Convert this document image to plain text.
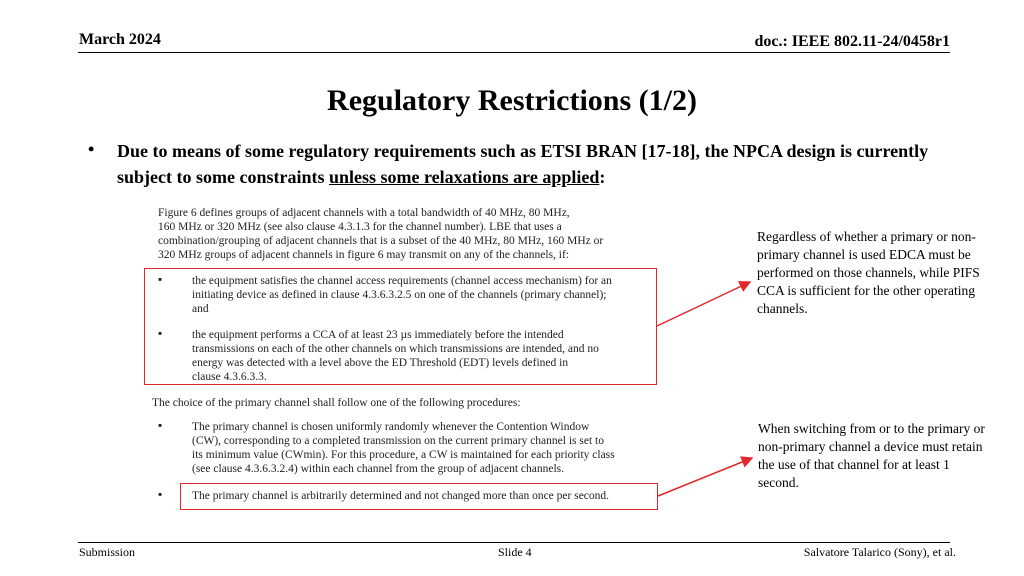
March 2024	doc.: IEEE 802.11-24/0458r1
Regulatory Restrictions (1/2)
• Due to means of some regulatory requirements such as ETSI BRAN [17-18], the NPCA design is currently subject to some constraints unless some relaxations are applied:
Figure 6 defines groups of adjacent channels with a total bandwidth of 40 MHz, 80 MHz,
160 MHz or 320 MHz (see also clause 4.3.1.3 for the channel number). LBE that uses a
combination/grouping of adjacent channels that is a subset of the 40 MHz, 80 MHz, 160 MHz or
320 MHz groups of adjacent channels in figure 6 may transmit on any of the channels, if:
▪	the equipment satisfies the channel access requirements (channel access mechanism) for an
initiating device as defined in clause 4.3.6.3.2.5 on one of the channels (primary channel);
and
▪	the equipment performs a CCA of at least 23 µs immediately before the intended
transmissions on each of the other channels on which transmissions are intended, and no
energy was detected with a level above the ED Threshold (EDT) levels defined in
clause 4.3.6.3.3.
The choice of the primary channel shall follow one of the following procedures:
▪	The primary channel is chosen uniformly randomly whenever the Contention Window
(CW), corresponding to a completed transmission on the current primary channel is set to
its minimum value (CWmin). For this procedure, a CW is maintained for each priority class
(see clause 4.3.6.3.2.4) within each channel from the group of adjacent channels.
▪	The primary channel is arbitrarily determined and not changed more than once per second.
Regardless of whether a primary or non-
primary channel is used EDCA must be
performed on those channels, while PIFS
CCA is sufficient for the other operating
channels.
When switching from or to the primary or
non-primary channel a device must retain
the use of that channel for at least 1
second.
Submission	Slide 4	Salvatore Talarico (Sony), et al.
